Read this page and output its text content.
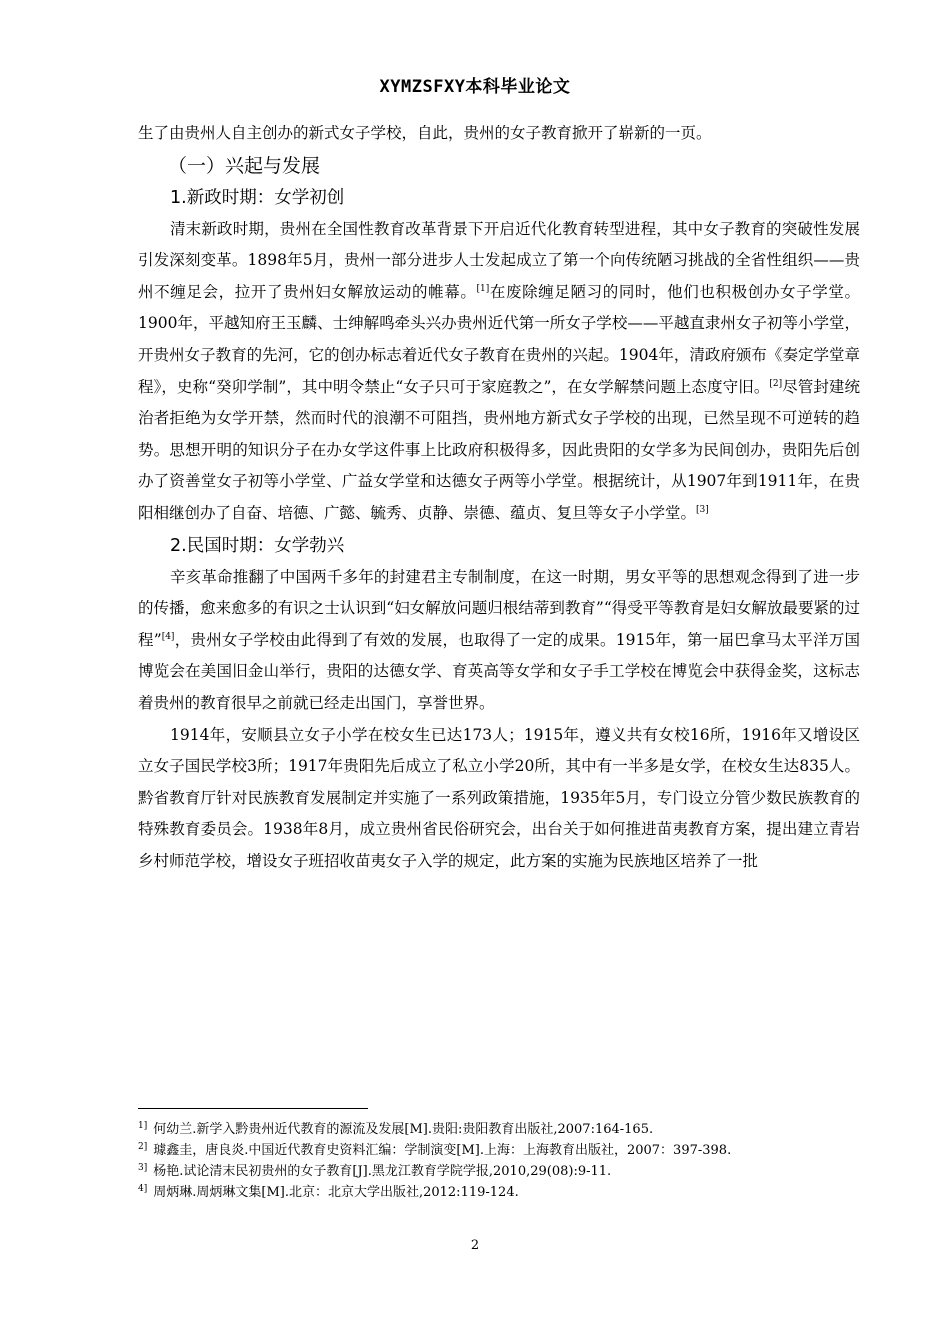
XYMZSFXY本科毕业论文

生了由贵州人自主创办的新式女子学校，自此，贵州的女子教育掀开了崭新的一页。

（一）兴起与发展

1.新政时期：女学初创

清末新政时期，贵州在全国性教育改革背景下开启近代化教育转型进程，其中女子教育的突破性发展引发深刻变革。1898年5月，贵州一部分进步人士发起成立了第一个向传统陋习挑战的全省性组织——贵州不缠足会，拉开了贵州妇女解放运动的帷幕。[1]在废除缠足陋习的同时，他们也积极创办女子学堂。1900年，平越知府王玉麟、士绅解鸣牵头兴办贵州近代第一所女子学校——平越直隶州女子初等小学堂，开贵州女子教育的先河，它的创办标志着近代女子教育在贵州的兴起。1904年，清政府颁布《奏定学堂章程》，史称“癸卯学制”，其中明令禁止“女子只可于家庭教之”，在女学解禁问题上态度守旧。[2]尽管封建统治者拒绝为女学开禁，然而时代的浪潮不可阻挡，贵州地方新式女子学校的出现，已然呈现不可逆转的趋势。思想开明的知识分子在办女学这件事上比政府积极得多，因此贵阳的女学多为民间创办，贵阳先后创办了资善堂女子初等小学堂、广益女学堂和达德女子两等小学堂。根据统计，从1907年到1911年，在贵阳相继创办了自奋、培德、广懿、毓秀、贞静、崇德、蕴贞、复旦等女子小学堂。[3]

2.民国时期：女学勃兴

辛亥革命推翻了中国两千多年的封建君主专制制度，在这一时期，男女平等的思想观念得到了进一步的传播，愈来愈多的有识之士认识到“妇女解放问题归根结蒂到教育”“得受平等教育是妇女解放最要紧的过程”[4]，贵州女子学校由此得到了有效的发展，也取得了一定的成果。1915年，第一届巴拿马太平洋万国博览会在美国旧金山举行，贵阳的达德女学、育英高等女学和女子手工学校在博览会中获得金奖，这标志着贵州的教育很早之前就已经走出国门，享誉世界。

1914年，安顺县立女子小学在校女生已达173人；1915年，遵义共有女校16所，1916年又增设区立女子国民学校3所；1917年贵阳先后成立了私立小学20所，其中有一半多是女学，在校女生达835人。黔省教育厅针对民族教育发展制定并实施了一系列政策措施，1935年5月，专门设立分管少数民族教育的特殊教育委员会。1938年8月，成立贵州省民俗研究会，出台关于如何推进苗夷教育方案，提出建立青岩乡村师范学校，增设女子班招收苗夷女子入学的规定，此方案的实施为民族地区培养了一批

$^{1]}$ 何幼兰.新学入黔贵州近代教育的源流及发展[M].贵阳:贵阳教育出版社,2007:164-165.

$^{2]}$ 璩鑫圭，唐良炎.中国近代教育史资料汇编：学制演变[M].上海：上海教育出版社，2007：397-398.

$^{3]}$ 杨艳.试论清末民初贵州的女子教育[J].黑龙江教育学院学报,2010,29(08):9-11.

$^{4]}$ 周炳琳.周炳琳文集[M].北京：北京大学出版社,2012:119-124.

2
